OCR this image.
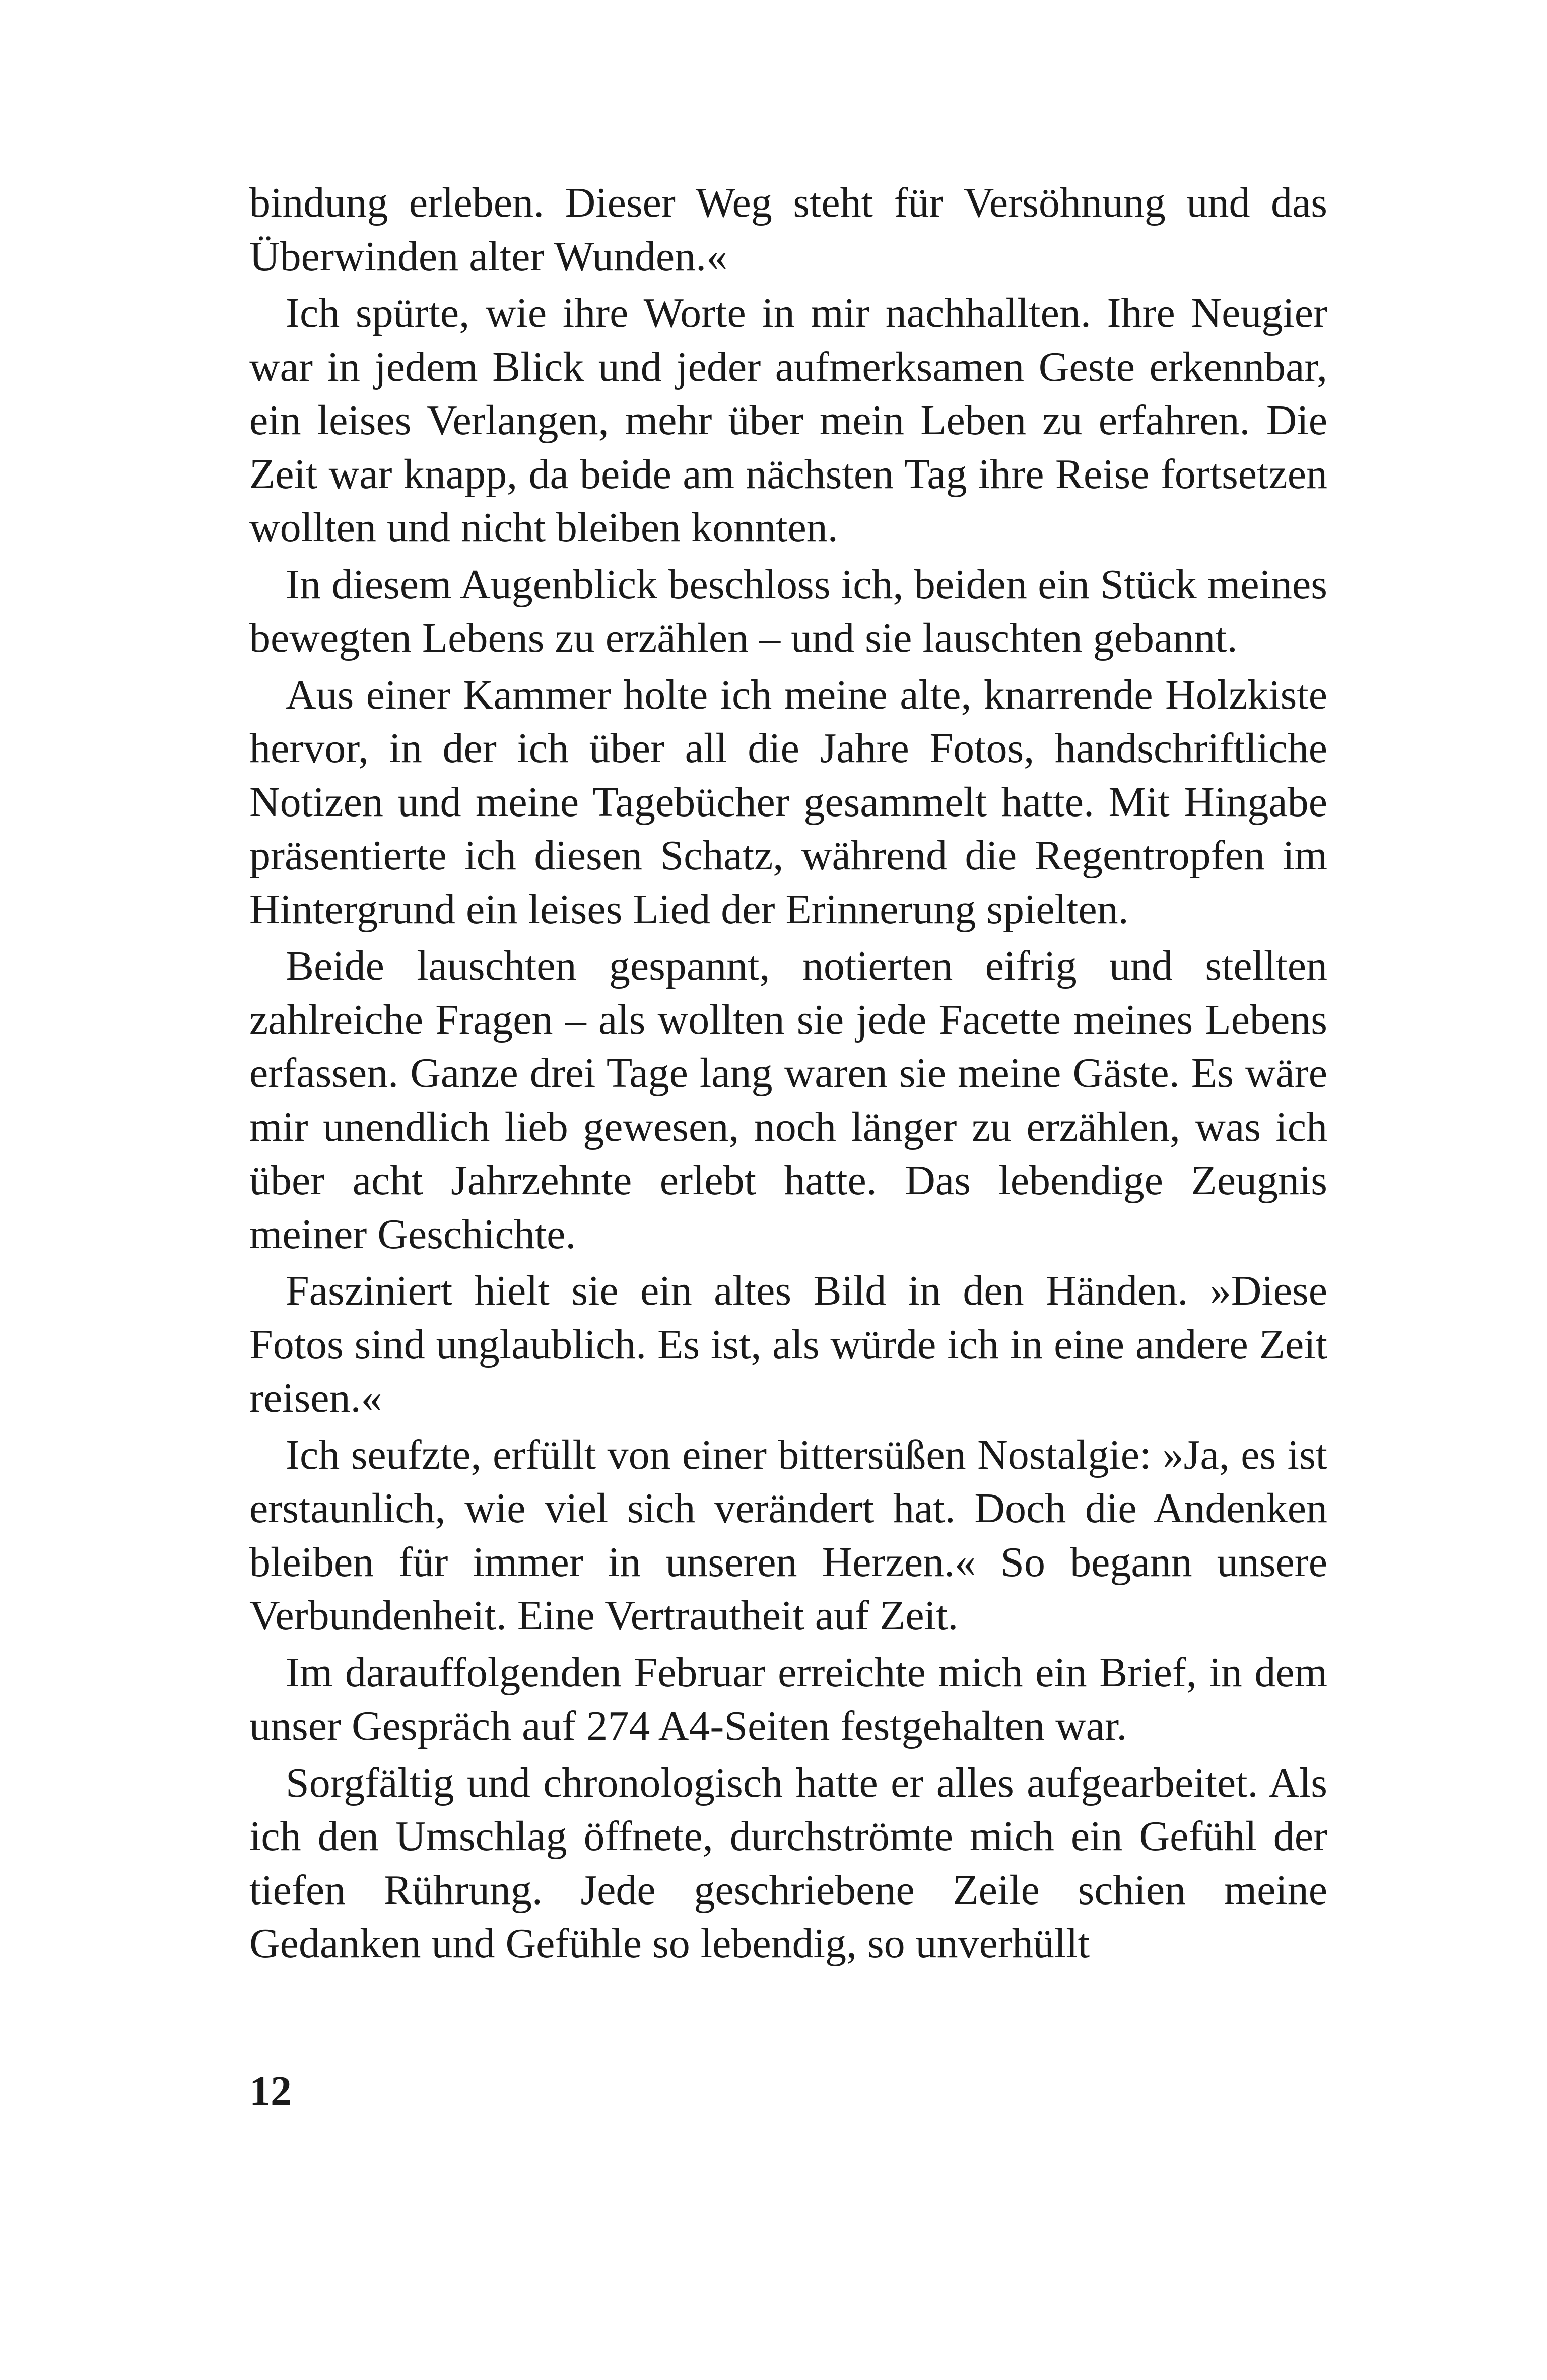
bindung erleben. Dieser Weg steht für Versöhnung und das Überwinden alter Wunden.«

Ich spürte, wie ihre Worte in mir nachhallten. Ihre Neugier war in jedem Blick und jeder aufmerksamen Geste erkennbar, ein leises Verlangen, mehr über mein Leben zu erfahren. Die Zeit war knapp, da beide am nächsten Tag ihre Reise fortsetzen wollten und nicht bleiben konnten.

In diesem Augenblick beschloss ich, beiden ein Stück meines bewegten Lebens zu erzählen – und sie lauschten gebannt.

Aus einer Kammer holte ich meine alte, knarrende Holzkiste hervor, in der ich über all die Jahre Fotos, handschriftliche Notizen und meine Tagebücher gesammelt hatte. Mit Hingabe präsentierte ich diesen Schatz, während die Regentropfen im Hintergrund ein leises Lied der Erinnerung spielten.

Beide lauschten gespannt, notierten eifrig und stellten zahlreiche Fragen – als wollten sie jede Facette meines Lebens erfassen. Ganze drei Tage lang waren sie meine Gäste. Es wäre mir unendlich lieb gewesen, noch länger zu erzählen, was ich über acht Jahrzehnte erlebt hatte. Das lebendige Zeugnis meiner Geschichte.

Fasziniert hielt sie ein altes Bild in den Händen. »Diese Fotos sind unglaublich. Es ist, als würde ich in eine andere Zeit reisen.«

Ich seufzte, erfüllt von einer bittersüßen Nostalgie: »Ja, es ist erstaunlich, wie viel sich verändert hat. Doch die Andenken bleiben für immer in unseren Herzen.« So begann unsere Verbundenheit. Eine Vertrautheit auf Zeit.

Im darauffolgenden Februar erreichte mich ein Brief, in dem unser Gespräch auf 274 A4-Seiten festgehalten war.

Sorgfältig und chronologisch hatte er alles aufgearbeitet. Als ich den Umschlag öffnete, durchströmte mich ein Gefühl der tiefen Rührung. Jede geschriebene Zeile schien meine Gedanken und Gefühle so lebendig, so unverhüllt

12
